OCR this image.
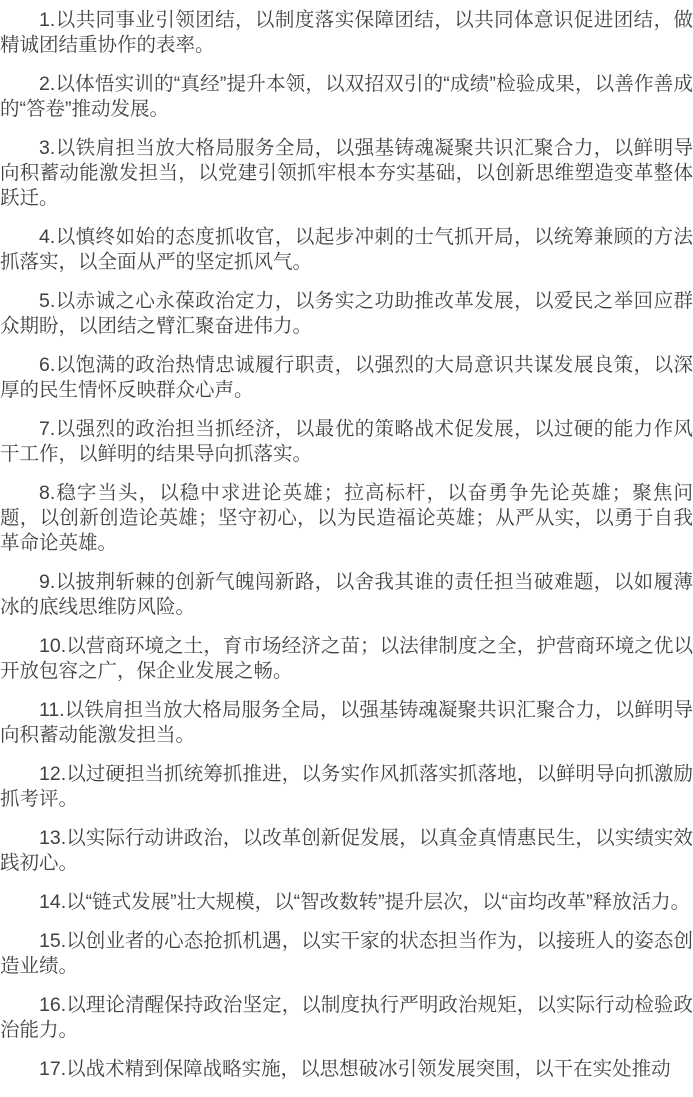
1.以共同事业引领团结，以制度落实保障团结，以共同体意识促进团结，做精诚团结重协作的表率。

2.以体悟实训的“真经”提升本领，以双招双引的“成绩”检验成果，以善作善成的“答卷”推动发展。

3.以铁肩担当放大格局服务全局，以强基铸魂凝聚共识汇聚合力，以鲜明导向积蓄动能激发担当，以党建引领抓牢根本夯实基础，以创新思维塑造变革整体跃迁。

4.以慎终如始的态度抓收官，以起步冲刺的士气抓开局，以统筹兼顾的方法抓落实，以全面从严的坚定抓风气。

5.以赤诚之心永葆政治定力，以务实之功助推改革发展，以爱民之举回应群众期盼，以团结之臂汇聚奋进伟力。

6.以饱满的政治热情忠诚履行职责，以强烈的大局意识共谋发展良策，以深厚的民生情怀反映群众心声。

7.以强烈的政治担当抓经济，以最优的策略战术促发展，以过硬的能力作风干工作，以鲜明的结果导向抓落实。

8.稳字当头，以稳中求进论英雄；拉高标杆，以奋勇争先论英雄；聚焦问题，以创新创造论英雄；坚守初心，以为民造福论英雄；从严从实，以勇于自我革命论英雄。

9.以披荆斩棘的创新气魄闯新路，以舍我其谁的责任担当破难题，以如履薄冰的底线思维防风险。

10.以营商环境之土，育市场经济之苗；以法律制度之全，护营商环境之优以开放包容之广，保企业发展之畅。

11.以铁肩担当放大格局服务全局，以强基铸魂凝聚共识汇聚合力，以鲜明导向积蓄动能激发担当。

12.以过硬担当抓统筹抓推进，以务实作风抓落实抓落地，以鲜明导向抓激励抓考评。

13.以实际行动讲政治，以改革创新促发展，以真金真情惠民生，以实绩实效践初心。

14.以“链式发展”壮大规模，以“智改数转”提升层次，以“亩均改革”释放活力。

15.以创业者的心态抢抓机遇，以实干家的状态担当作为，以接班人的姿态创造业绩。

16.以理论清醒保持政治坚定，以制度执行严明政治规矩，以实际行动检验政治能力。

17.以战术精到保障战略实施，以思想破冰引领发展突围，以干在实处推动
